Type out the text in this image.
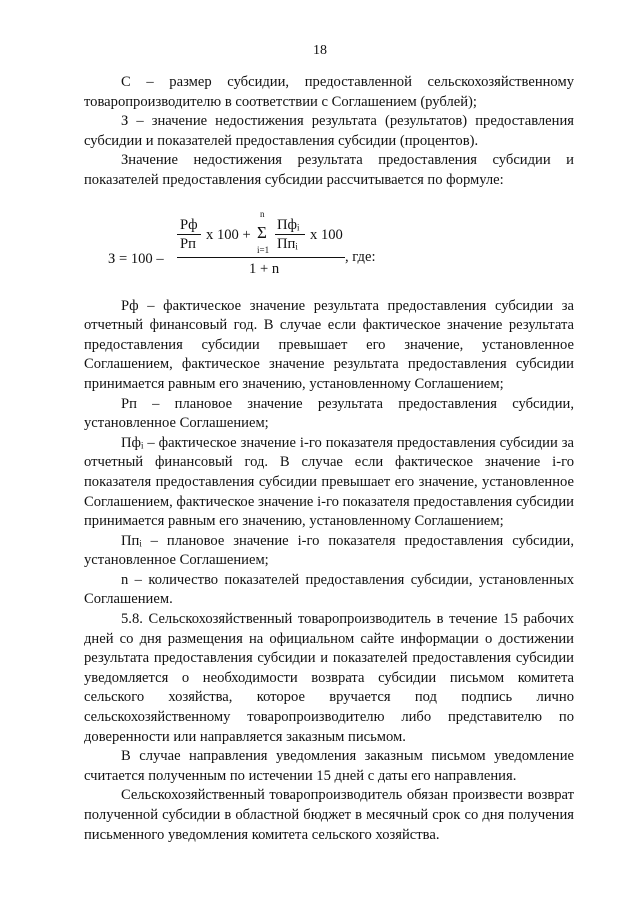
18

С – размер субсидии, предоставленной сельскохозяйственному товаропроизводителю в соответствии с Соглашением (рублей);

З – значение недостижения результата (результатов) предоставления субсидии и показателей предоставления субсидии (процентов).

Значение недостижения результата предоставления субсидии и показателей предоставления субсидии рассчитывается по формуле:

З = 100 –
Рф
Рп
x 100 +
n
Σ
i=1
Пфᵢ
Ппᵢ
x 100
1 + n
, где:

Рф – фактическое значение результата предоставления субсидии за отчетный финансовый год. В случае если фактическое значение результата предоставления субсидии превышает его значение, установленное Соглашением, фактическое значение результата предоставления субсидии принимается равным его значению, установленному Соглашением;

Рп – плановое значение результата предоставления субсидии, установленное Соглашением;

Пфᵢ – фактическое значение i-го показателя предоставления субсидии за отчетный финансовый год. В случае если фактическое значение i-го показателя предоставления субсидии превышает его значение, установленное Соглашением, фактическое значение i-го показателя предоставления субсидии принимается равным его значению, установленному Соглашением;

Ппᵢ – плановое значение i-го показателя предоставления субсидии, установленное Соглашением;

n – количество показателей предоставления субсидии, установленных Соглашением.

5.8. Сельскохозяйственный товаропроизводитель в течение 15 рабочих дней со дня размещения на официальном сайте информации о достижении результата предоставления субсидии и показателей предоставления субсидии уведомляется о необходимости возврата субсидии письмом комитета сельского хозяйства, которое вручается под подпись лично сельскохозяйственному товаропроизводителю либо представителю по доверенности или направляется заказным письмом.

В случае направления уведомления заказным письмом уведомление считается полученным по истечении 15 дней с даты его направления.

Сельскохозяйственный товаропроизводитель обязан произвести возврат полученной субсидии в областной бюджет в месячный срок со дня получения письменного уведомления комитета сельского хозяйства.
